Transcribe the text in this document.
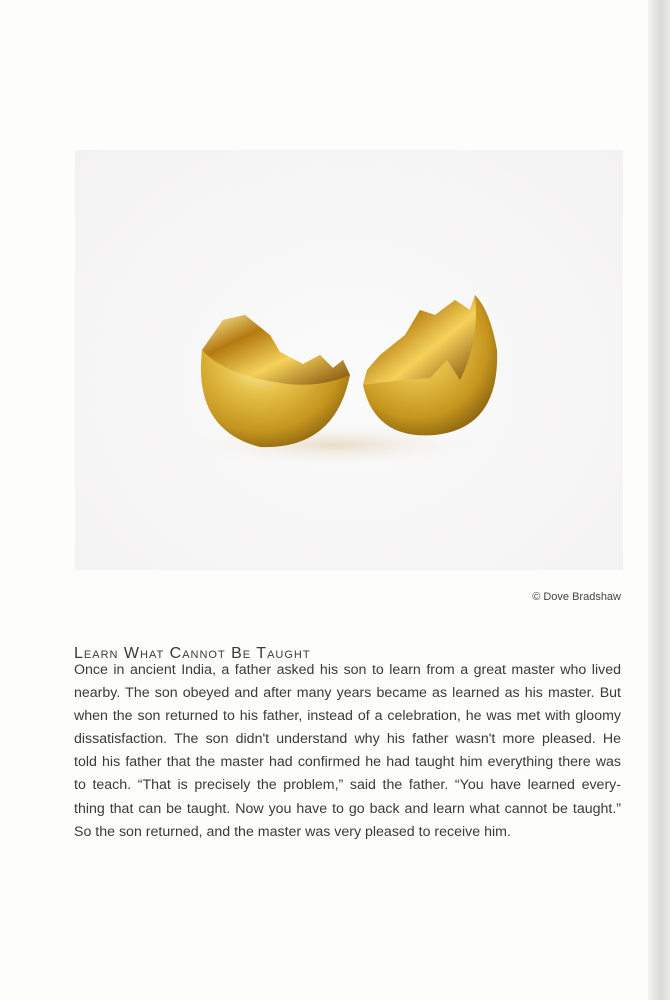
© Dove Bradshaw
Learn What Cannot Be Taught
Once in ancient India, a father asked his son to learn from a great master who lived
nearby. The son obeyed and after many years became as learned as his master. But
when the son returned to his father, instead of a celebration, he was met with gloomy
dissatisfaction. The son didn't understand why his father wasn't more pleased. He
told his father that the master had confirmed he had taught him everything there was
to teach. “That is precisely the problem,” said the father. “You have learned every-
thing that can be taught. Now you have to go back and learn what cannot be taught.”
So the son returned, and the master was very pleased to receive him.
